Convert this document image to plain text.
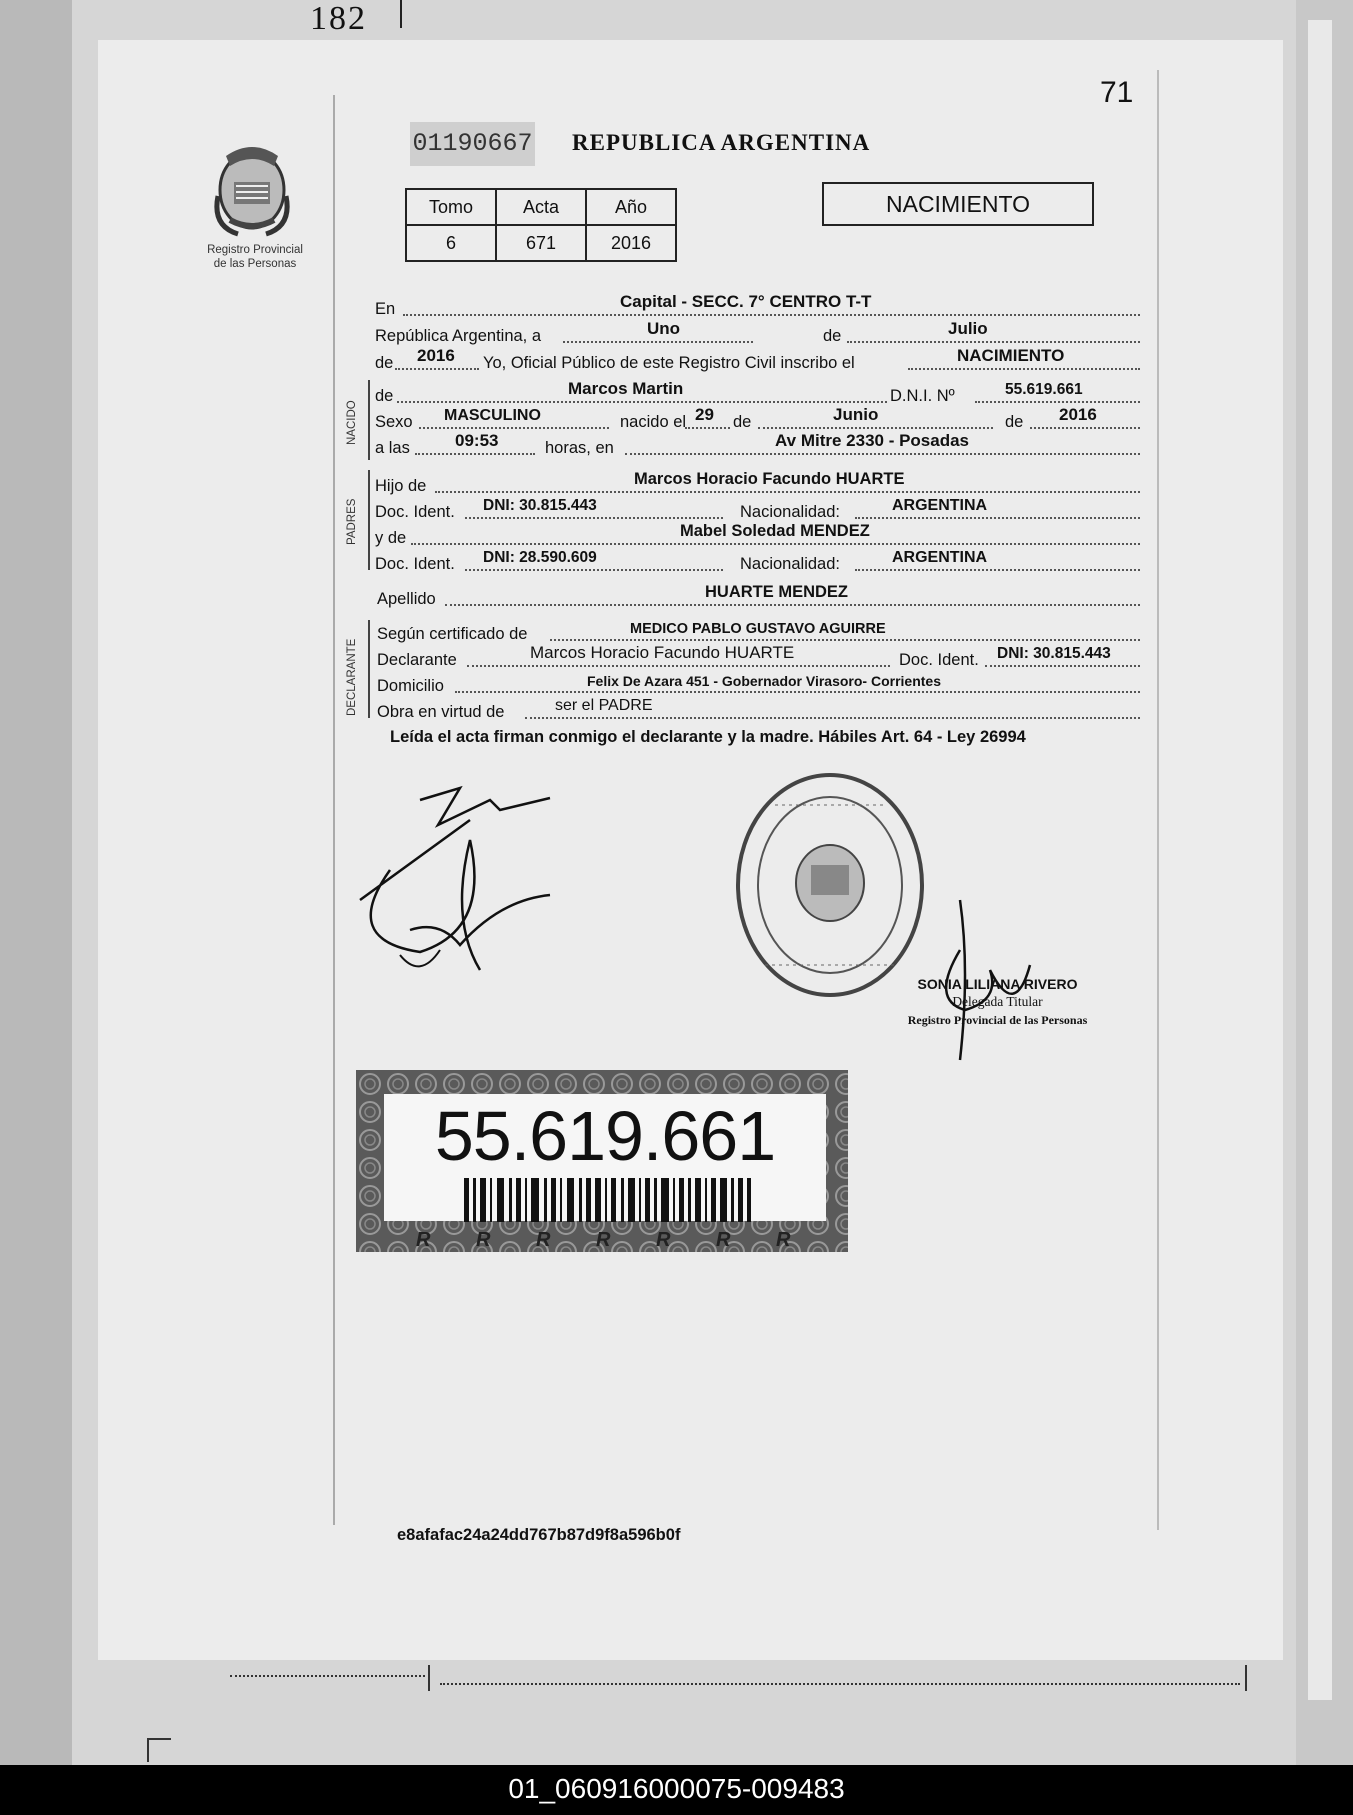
182
71
Registro Provincial
de las Personas
01190667 REPUBLICA ARGENTINA
Tomo	Acta	Año
6	671	2016
NACIMIENTO
En	Capital - SECC. 7° CENTRO T-T
República Argentina, a	Uno	de	Julio
de 2016 Yo, Oficial Público de este Registro Civil inscribo el	NACIMIENTO
NACIDO
de	Marcos Martin	D.N.I. Nº	55.619.661
Sexo MASCULINO	nacido el 29 de	Junio	de 2016
a las	09:53	horas, en	Av Mitre 2330 - Posadas
PADRES
Hijo de	Marcos Horacio Facundo HUARTE
Doc. Ident. DNI: 30.815.443	Nacionalidad:	ARGENTINA
y de	Mabel Soledad MENDEZ
Doc. Ident. DNI: 28.590.609	Nacionalidad:	ARGENTINA
Apellido	HUARTE MENDEZ
DECLARANTE
Según certificado de	MEDICO PABLO GUSTAVO AGUIRRE
Declarante	Marcos Horacio Facundo HUARTE	Doc. Ident. DNI: 30.815.443
Domicilio	Felix De Azara 451 - Gobernador Virasoro- Corrientes
Obra en virtud de	ser el PADRE
Leída el acta firman conmigo el declarante y la madre. Hábiles Art. 64 - Ley 26994
SONIA LILIANA RIVERO
Delegada Titular
Registro Provincial de las Personas
R R R R R R R
55.619.661
e8afafac24a24dd767b87d9f8a596b0f
01_060916000075-009483
